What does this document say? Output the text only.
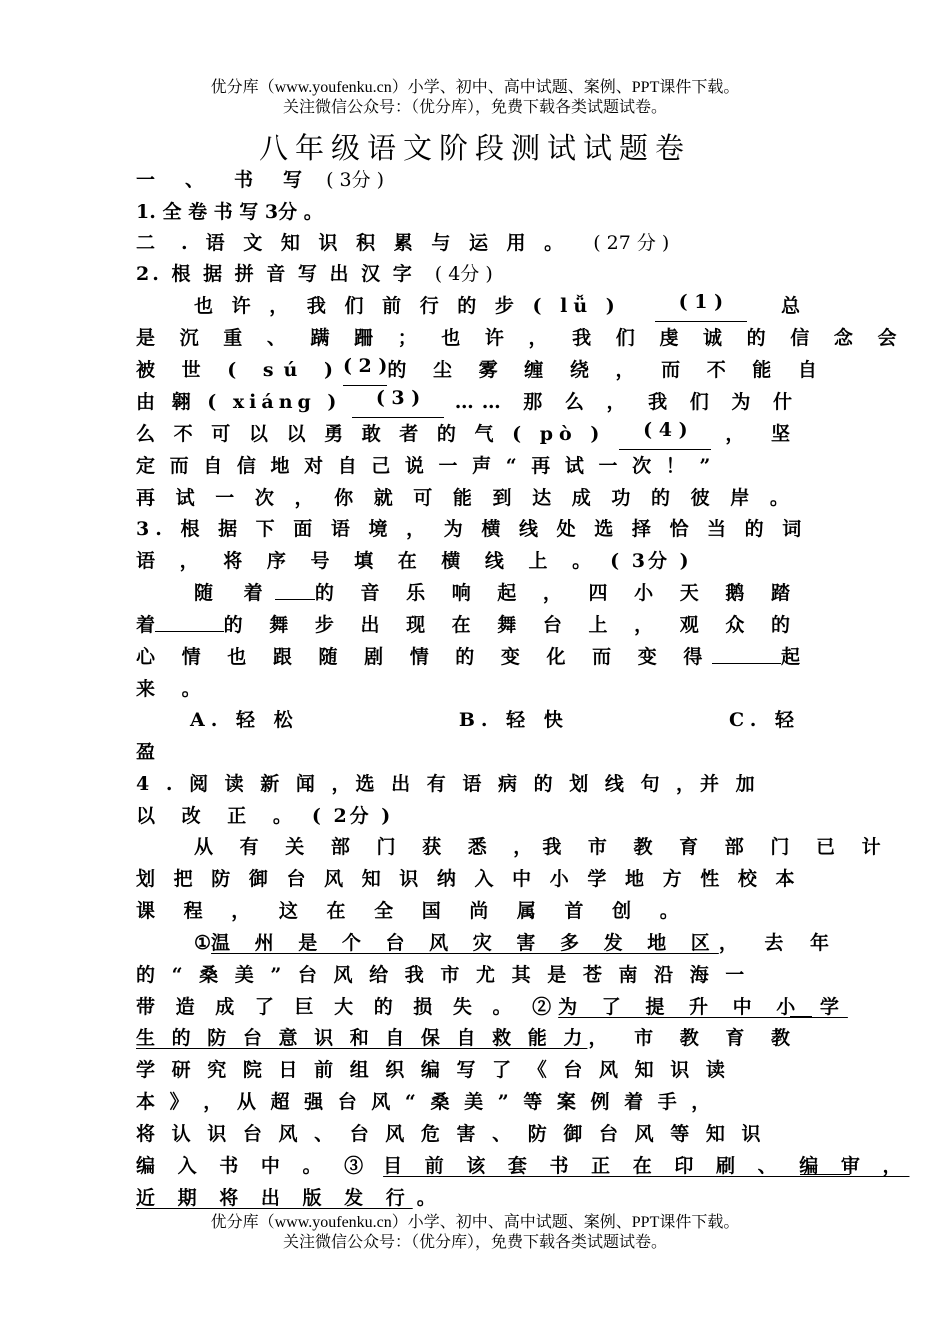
优分库（www.youfenku.cn）小学、初中、高中试题、案例、PPT课件下载。
关注微信公众号：（优分库），免费下载各类试题试卷。
八年级语文阶段测试试题卷
一 、 书 写 ( 3分 )
1. 全 卷 书 写 3分 。
二 . 语 文 知 识 积 累 与 运 用 。 ( 27 分 )
2. 根 据 拼 音 写 出 汉 字 ( 4分 )
也 许 ， 我 们 前 行 的 步 ( lǚ )	( 1 )	总
是 沉 重 、 蹒 跚 ； 也 许 ， 我 们 虔 诚 的 信 念 会
被 世 ( sú ) ( 2 ) 的 尘 雾 缠 绕 ， 而 不 能 自
由 翱 ( xiáng )	( 3 )	…… 那 么 ， 我 们 为 什
么 不 可 以 以 勇 敢 者 的 气 ( pò )	( 4 )	， 坚
定 而 自 信 地 对 自 己 说 一 声 “ 再 试 一 次 ！ ”
再 试 一 次 ， 你 就 可 能 到 达 成 功 的 彼 岸 。
3. 根 据 下 面 语 境 ， 为 横 线 处 选 择 恰 当 的 词
语 ， 将 序 号 填 在 横 线 上 。 ( 3分 )
随 着 的 音 乐 响 起 ， 四 小 天 鹅 踏
着	的 舞 步 出 现 在 舞 台 上 ， 观 众 的
心 情 也 跟 随 剧 情 的 变 化 而 变 得	起
来 。
A. 轻 松	B. 轻 快	C. 轻
盈
4 . 阅 读 新 闻 ，选 出 有 语 病 的 划 线 句 ，并 加
以 改 正 。 ( 2分 )
从 有 关 部 门 获 悉 ， 我 市 教 育 部 门 已 计
划 把 防 御 台 风 知 识 纳 入 中 小 学 地 方 性 校 本
课 程 ， 这 在 全 国 尚 属 首 创 。
① 温 州 是 个 台 风 灾 害 多 发 地 区 ， 去 年
的 “ 桑 美 ” 台 风 给 我 市 尤 其 是 苍 南 沿 海 一
带 造 成 了 巨 大 的 损 失 。 ② 为 了 提 升 中 小 学
生 的 防 台 意 识 和 自 保 自 救 能 力 ， 市 教 育 教
学 研 究 院 日 前 组 织 编 写 了 《 台 风 知 识 读
本 》 ， 从 超 强 台 风 “ 桑 美 ” 等 案 例 着 手 ，
将 认 识 台 风 、 台 风 危 害 、 防 御 台 风 等 知 识
编 入 书 中 。 ③ 目 前 该 套 书 正 在 印 刷 、 编 审 ，
近 期 将 出 版 发 行 。
优分库（www.youfenku.cn）小学、初中、高中试题、案例、PPT课件下载。
关注微信公众号：（优分库），免费下载各类试题试卷。
